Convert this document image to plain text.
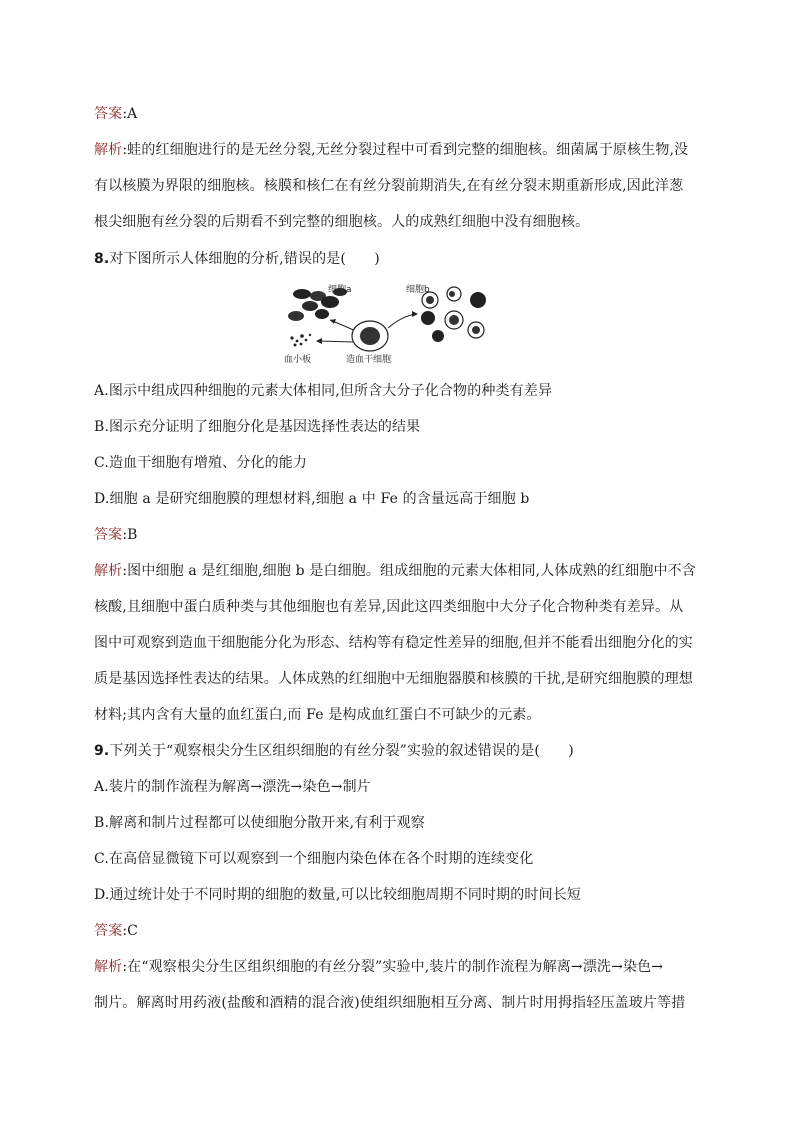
答案:A
解析:蛙的红细胞进行的是无丝分裂,无丝分裂过程中可看到完整的细胞核。细菌属于原核生物,没
有以核膜为界限的细胞核。核膜和核仁在有丝分裂前期消失,在有丝分裂末期重新形成,因此洋葱
根尖细胞有丝分裂的后期看不到完整的细胞核。人的成熟红细胞中没有细胞核。
8.对下图所示人体细胞的分析,错误的是(　　)
细胞a
血小板	造血干细胞
细胞b
A.图示中组成四种细胞的元素大体相同,但所含大分子化合物的种类有差异
B.图示充分证明了细胞分化是基因选择性表达的结果
C.造血干细胞有增殖、分化的能力
D.细胞 a 是研究细胞膜的理想材料,细胞 a 中 Fe 的含量远高于细胞 b
答案:B
解析:图中细胞 a 是红细胞,细胞 b 是白细胞。组成细胞的元素大体相同,人体成熟的红细胞中不含
核酸,且细胞中蛋白质种类与其他细胞也有差异,因此这四类细胞中大分子化合物种类有差异。从
图中可观察到造血干细胞能分化为形态、结构等有稳定性差异的细胞,但并不能看出细胞分化的实
质是基因选择性表达的结果。人体成熟的红细胞中无细胞器膜和核膜的干扰,是研究细胞膜的理想
材料;其内含有大量的血红蛋白,而 Fe 是构成血红蛋白不可缺少的元素。
9.下列关于“观察根尖分生区组织细胞的有丝分裂”实验的叙述错误的是(　　)
A.装片的制作流程为解离→漂洗→染色→制片
B.解离和制片过程都可以使细胞分散开来,有利于观察
C.在高倍显微镜下可以观察到一个细胞内染色体在各个时期的连续变化
D.通过统计处于不同时期的细胞的数量,可以比较细胞周期不同时期的时间长短
答案:C
解析:在“观察根尖分生区组织细胞的有丝分裂”实验中,装片的制作流程为解离→漂洗→染色→
制片。解离时用药液(盐酸和酒精的混合液)使组织细胞相互分离、制片时用拇指轻压盖玻片等措
